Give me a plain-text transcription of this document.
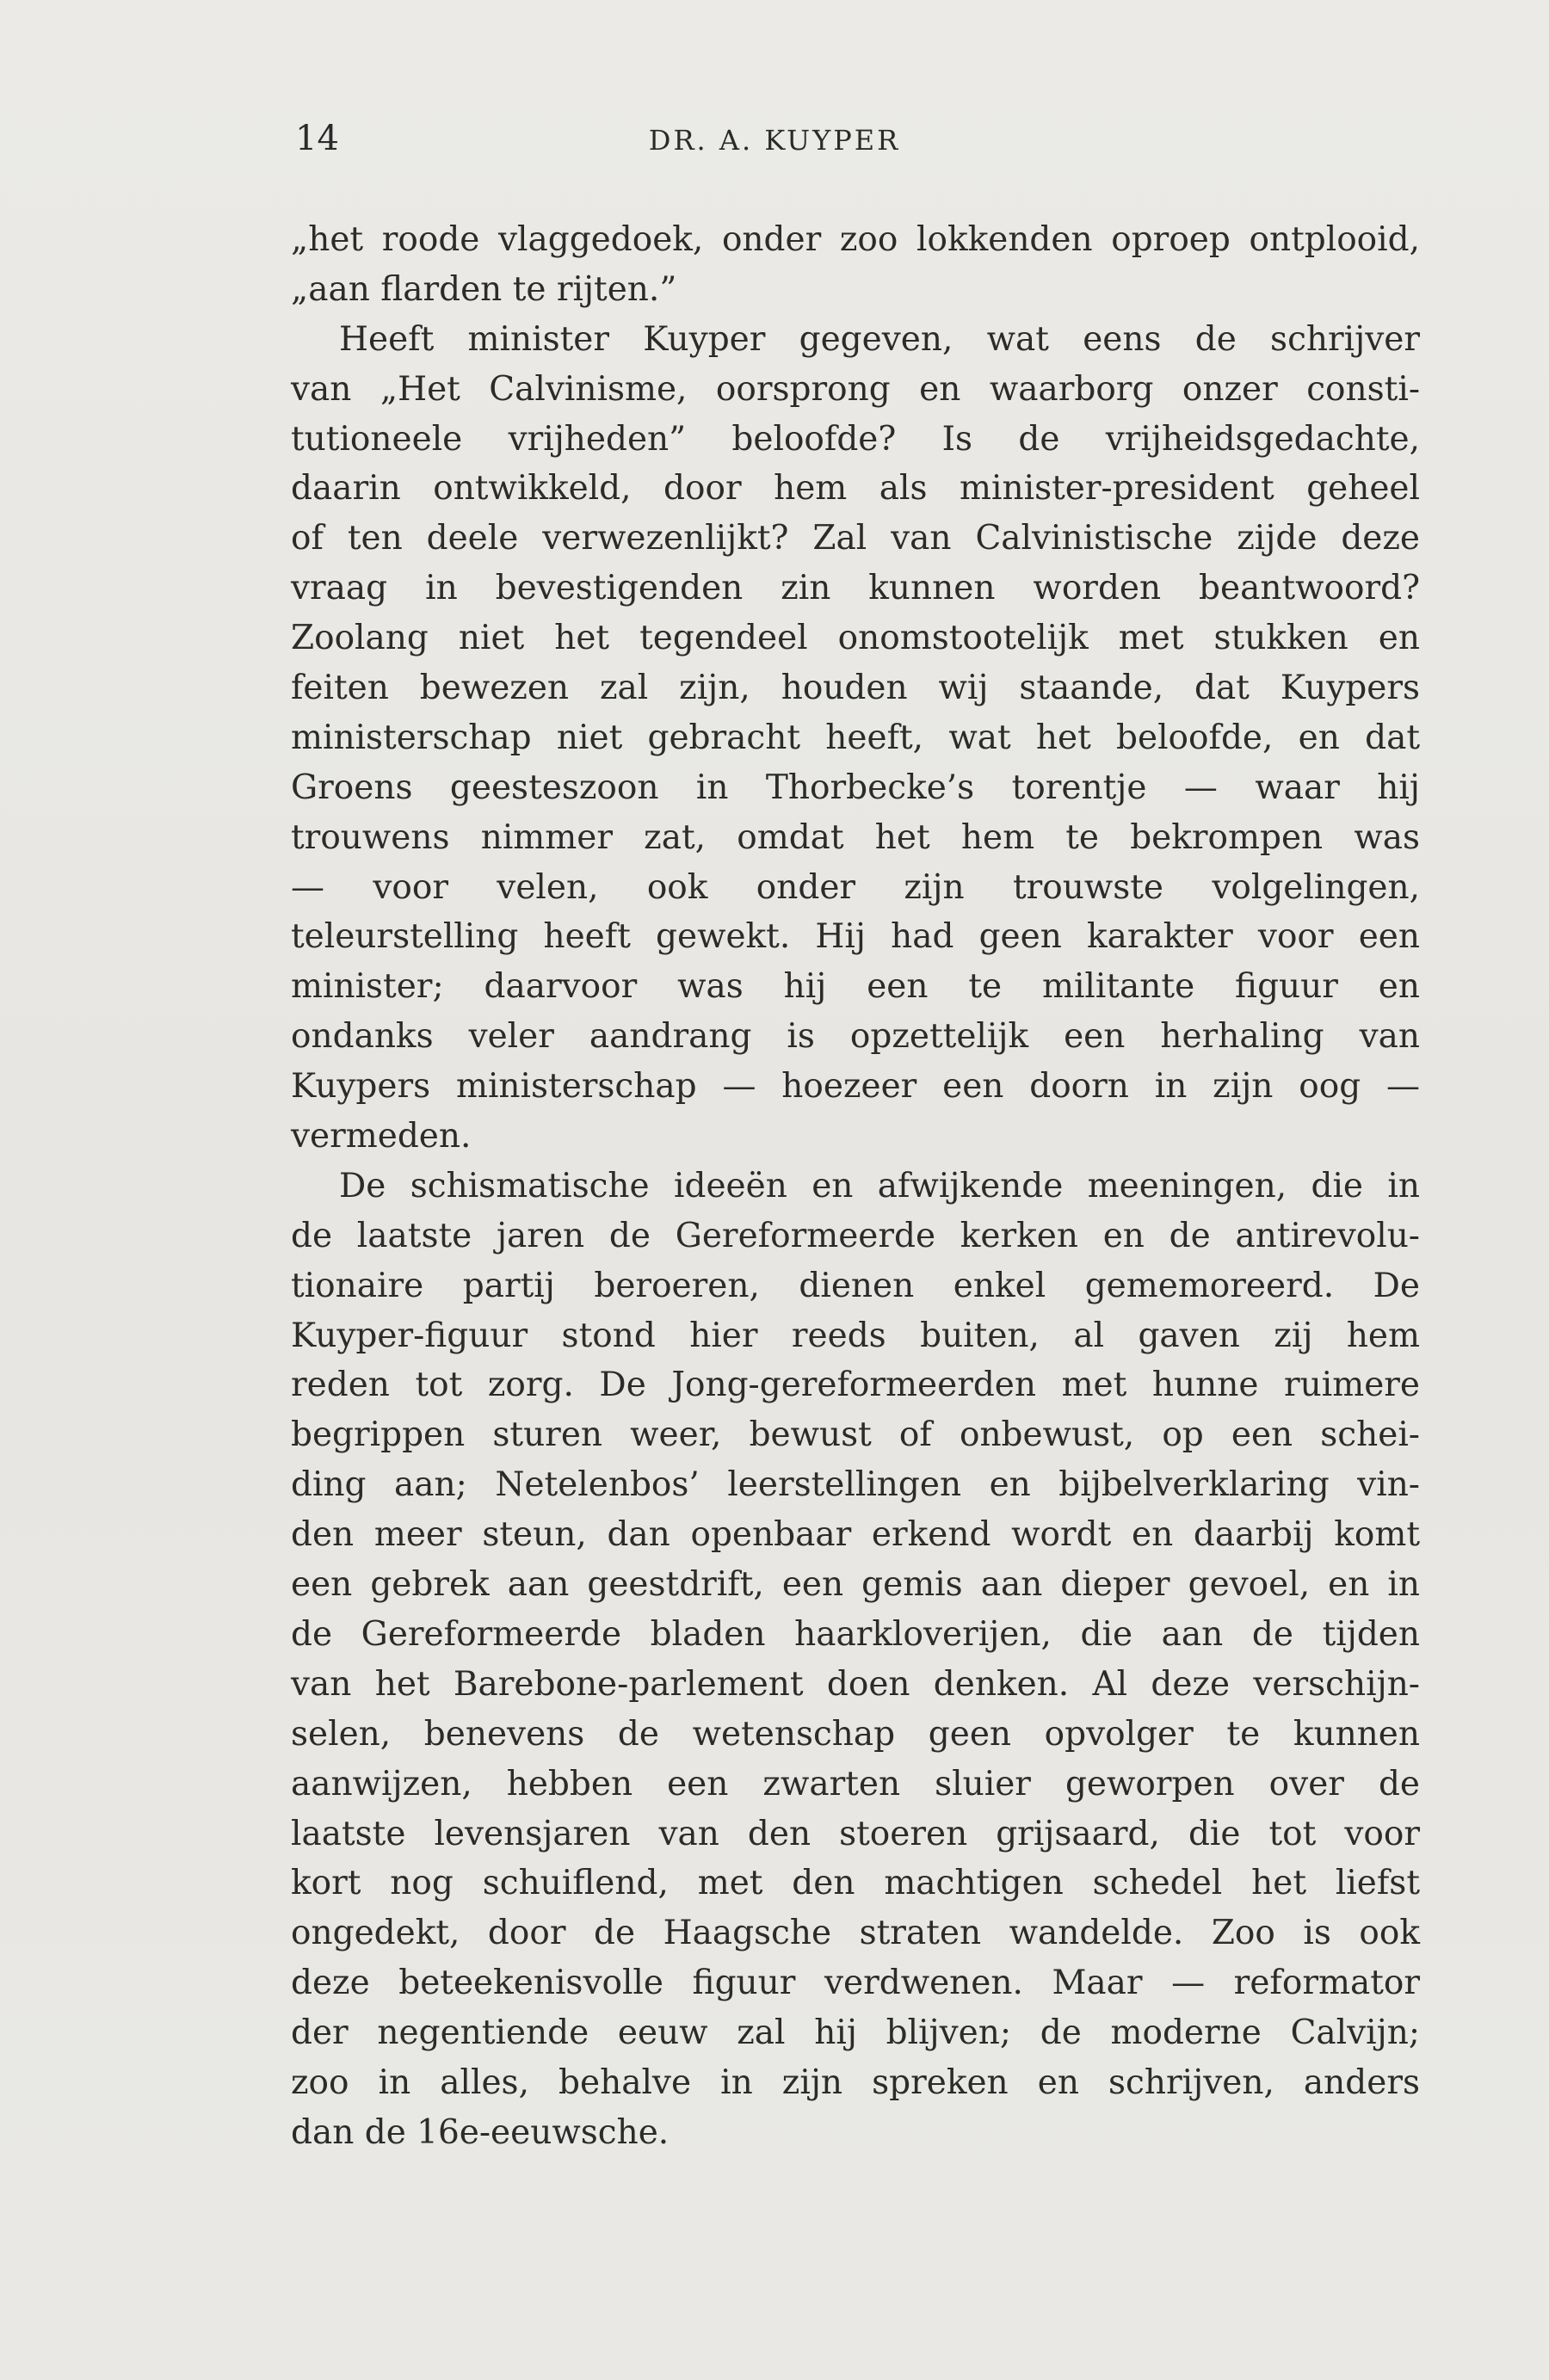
14	DR. A. KUYPER
„het roode vlaggedoek, onder zoo lokkenden oproep ontplooid,
„aan flarden te rijten.”
Heeft minister Kuyper gegeven, wat eens de schrijver
van „Het Calvinisme, oorsprong en waarborg onzer consti-
tutioneele vrijheden” beloofde? Is de vrijheidsgedachte,
daarin ontwikkeld, door hem als minister-president geheel
of ten deele verwezenlijkt? Zal van Calvinistische zijde deze
vraag in bevestigenden zin kunnen worden beantwoord?
Zoolang niet het tegendeel onomstootelijk met stukken en
feiten bewezen zal zijn, houden wij staande, dat Kuypers
ministerschap niet gebracht heeft, wat het beloofde, en dat
Groens geesteszoon in Thorbecke’s torentje — waar hij
trouwens nimmer zat, omdat het hem te bekrompen was
— voor velen, ook onder zijn trouwste volgelingen,
teleurstelling heeft gewekt. Hij had geen karakter voor een
minister; daarvoor was hij een te militante figuur en
ondanks veler aandrang is opzettelijk een herhaling van
Kuypers ministerschap — hoezeer een doorn in zijn oog —
vermeden.
De schismatische ideeën en afwijkende meeningen, die in
de laatste jaren de Gereformeerde kerken en de antirevolu-
tionaire partij beroeren, dienen enkel gememoreerd. De
Kuyper-figuur stond hier reeds buiten, al gaven zij hem
reden tot zorg. De Jong-gereformeerden met hunne ruimere
begrippen sturen weer, bewust of onbewust, op een schei-
ding aan; Netelenbos’ leerstellingen en bijbelverklaring vin-
den meer steun, dan openbaar erkend wordt en daarbij komt
een gebrek aan geestdrift, een gemis aan dieper gevoel, en in
de Gereformeerde bladen haarkloverijen, die aan de tijden
van het Barebone-parlement doen denken. Al deze verschijn-
selen, benevens de wetenschap geen opvolger te kunnen
aanwijzen, hebben een zwarten sluier geworpen over de
laatste levensjaren van den stoeren grijsaard, die tot voor
kort nog schuiflend, met den machtigen schedel het liefst
ongedekt, door de Haagsche straten wandelde. Zoo is ook
deze beteekenisvolle figuur verdwenen. Maar — reformator
der negentiende eeuw zal hij blijven; de moderne Calvijn;
zoo in alles, behalve in zijn spreken en schrijven, anders
dan de 16e-eeuwsche.
